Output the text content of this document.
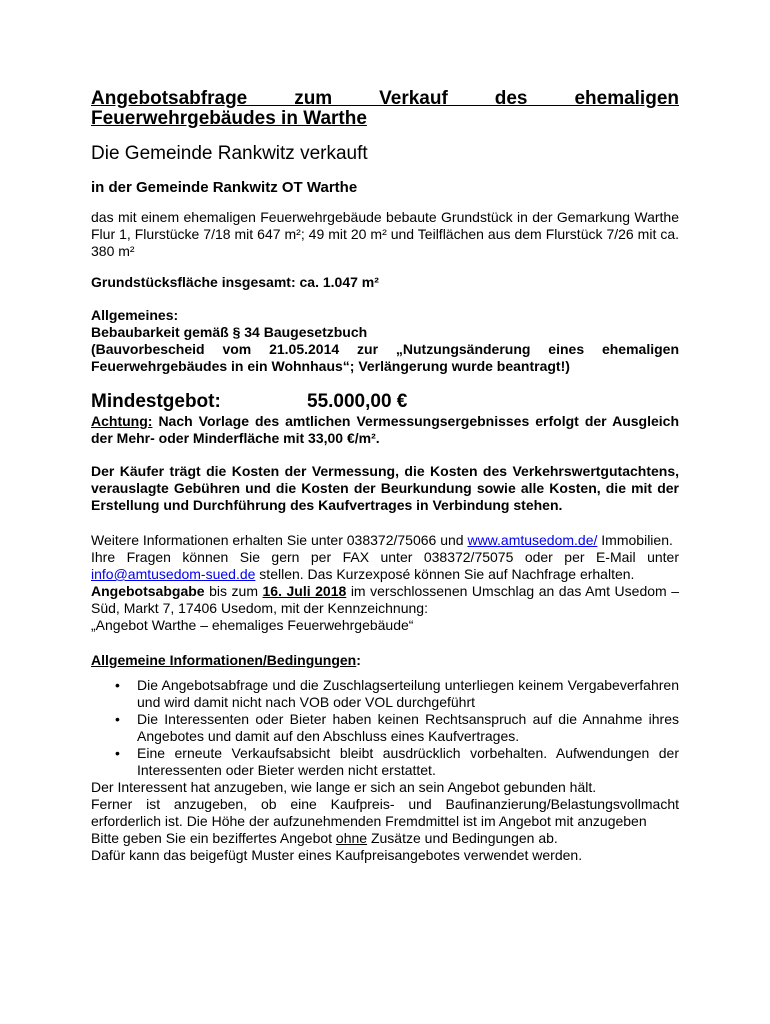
Angebotsabfrage zum Verkauf des ehemaligen Feuerwehrgebäudes in Warthe

Die Gemeinde Rankwitz verkauft

in der Gemeinde Rankwitz OT Warthe

das mit einem ehemaligen Feuerwehrgebäude bebaute Grundstück in der Gemarkung Warthe Flur 1, Flurstücke 7/18 mit 647 m²; 49 mit 20 m² und Teilflächen aus dem Flurstück 7/26 mit ca. 380 m²

Grundstücksfläche insgesamt: ca. 1.047 m²

Allgemeines:

Bebaubarkeit gemäß § 34 Baugesetzbuch

(Bauvorbescheid vom 21.05.2014 zur „Nutzungsänderung eines ehemaligen Feuerwehrgebäudes in ein Wohnhaus“; Verlängerung wurde beantragt!)

Mindestgebot:	55.000,00 €

Achtung: Nach Vorlage des amtlichen Vermessungsergebnisses erfolgt der Ausgleich der Mehr- oder Minderfläche mit 33,00 €/m².

Der Käufer trägt die Kosten der Vermessung, die Kosten des Verkehrswertgutachtens, verauslagte Gebühren und die Kosten der Beurkundung sowie alle Kosten, die mit der Erstellung und Durchführung des Kaufvertrages in Verbindung stehen.

Weitere Informationen erhalten Sie unter 038372/75066 und www.amtusedom.de/ Immobilien.

Ihre Fragen können Sie gern per FAX unter 038372/75075 oder per E-Mail unter info@amtusedom-sued.de stellen. Das Kurzexposé können Sie auf Nachfrage erhalten.

Angebotsabgabe bis zum 16. Juli 2018 im verschlossenen Umschlag an das Amt Usedom –Süd, Markt 7, 17406 Usedom, mit der Kennzeichnung:

„Angebot Warthe – ehemaliges Feuerwehrgebäude“

Allgemeine Informationen/Bedingungen:

• Die Angebotsabfrage und die Zuschlagserteilung unterliegen keinem Vergabeverfahren und wird damit nicht nach VOB oder VOL durchgeführt
• Die Interessenten oder Bieter haben keinen Rechtsanspruch auf die Annahme ihres Angebotes und damit auf den Abschluss eines Kaufvertrages.
• Eine erneute Verkaufsabsicht bleibt ausdrücklich vorbehalten. Aufwendungen der Interessenten oder Bieter werden nicht erstattet.

Der Interessent hat anzugeben, wie lange er sich an sein Angebot gebunden hält.

Ferner ist anzugeben, ob eine Kaufpreis- und Baufinanzierung/Belastungsvollmacht erforderlich ist. Die Höhe der aufzunehmenden Fremdmittel ist im Angebot mit anzugeben

Bitte geben Sie ein beziffertes Angebot ohne Zusätze und Bedingungen ab.

Dafür kann das beigefügt Muster eines Kaufpreisangebotes verwendet werden.
